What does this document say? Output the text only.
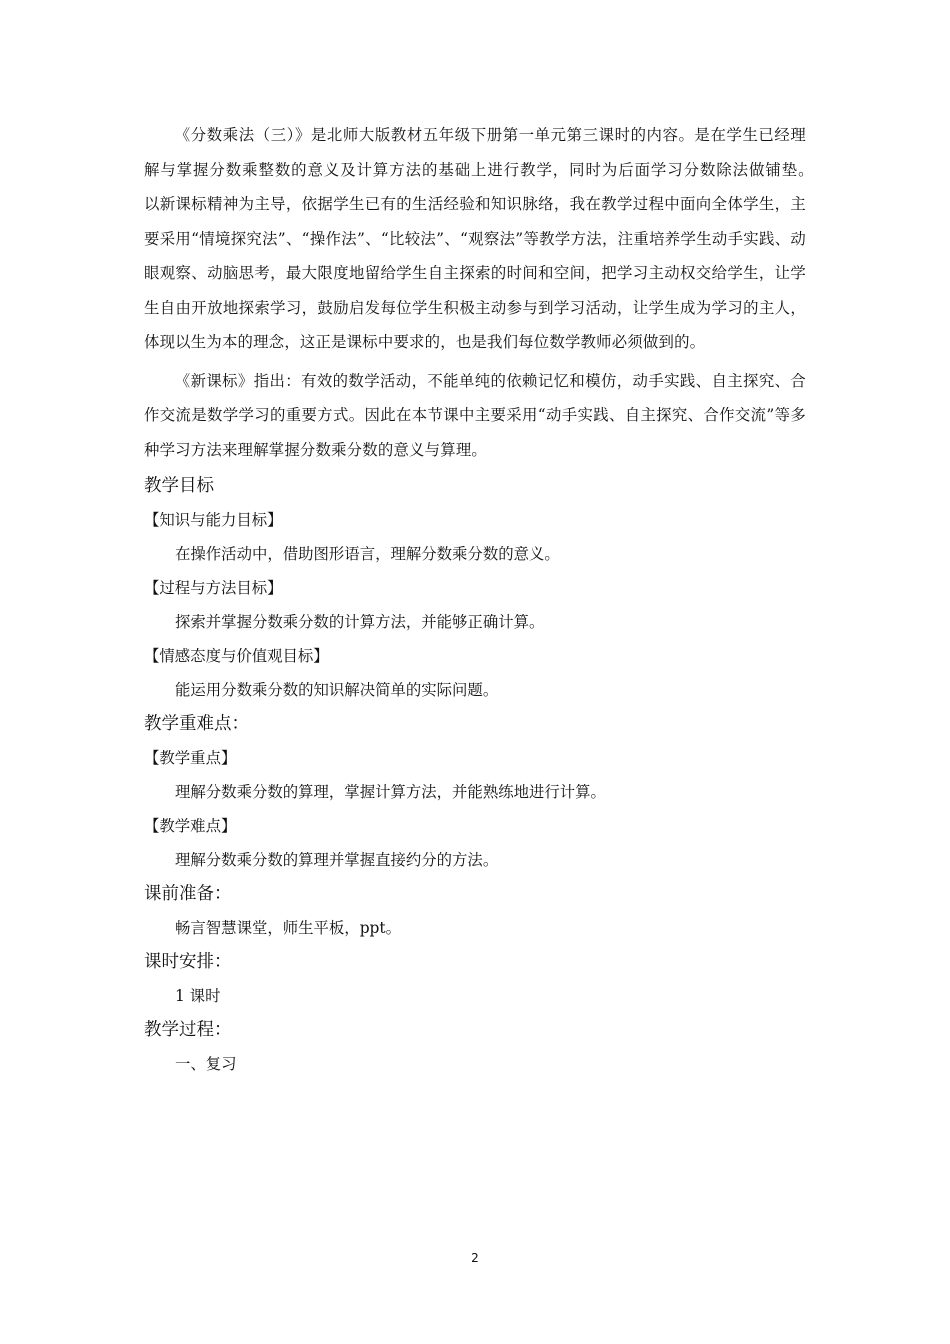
《分数乘法（三）》是北师大版教材五年级下册第一单元第三课时的内容。是在学生已经理解与掌握分数乘整数的意义及计算方法的基础上进行教学，同时为后面学习分数除法做铺垫。　以新课标精神为主导，依据学生已有的生活经验和知识脉络，我在教学过程中面向全体学生，主要采用“情境探究法”、“操作法”、“比较法”、“观察法”等教学方法，注重培养学生动手实践、动眼观察、动脑思考，最大限度地留给学生自主探索的时间和空间，把学习主动权交给学生，让学生自由开放地探索学习，鼓励启发每位学生积极主动参与到学习活动，让学生成为学习的主人，体现以生为本的理念，这正是课标中要求的，也是我们每位数学教师必须做到的。

《新课标》指出：有效的数学活动，不能单纯的依赖记忆和模仿，动手实践、自主探究、合作交流是数学学习的重要方式。因此在本节课中主要采用“动手实践、自主探究、合作交流”等多种学习方法来理解掌握分数乘分数的意义与算理。

教学目标
【知识与能力目标】
在操作活动中，借助图形语言，理解分数乘分数的意义。
【过程与方法目标】
探索并掌握分数乘分数的计算方法，并能够正确计算。
【情感态度与价值观目标】
能运用分数乘分数的知识解决简单的实际问题。
教学重难点：
【教学重点】
理解分数乘分数的算理，掌握计算方法，并能熟练地进行计算。
【教学难点】
理解分数乘分数的算理并掌握直接约分的方法。
课前准备：
畅言智慧课堂，师生平板，ppt。
课时安排：
1 课时
教学过程：
一、复习
2
